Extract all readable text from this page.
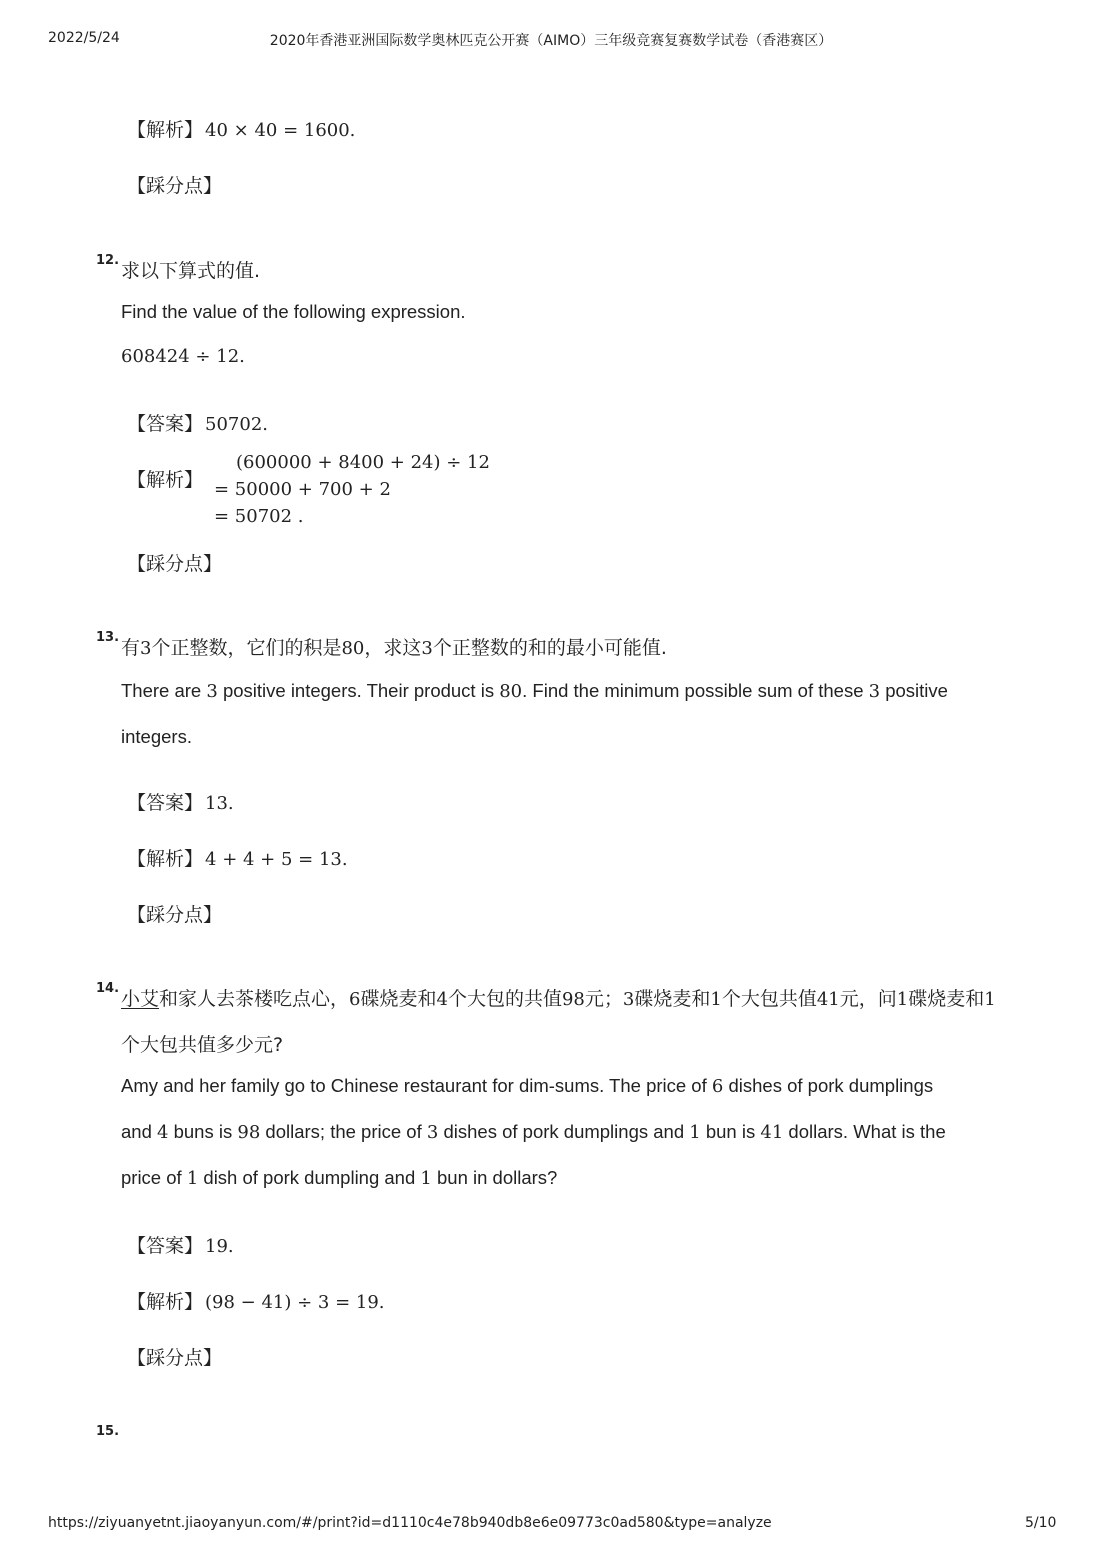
2022/5/24	2020年香港亚洲国际数学奥林匹克公开赛（AIMO）三年级竞赛复赛数学试卷（香港赛区）
【解析】 40 × 40 = 1600.
【踩分点】
12. 求以下算式的值.
Find the value of the following expression.
608424 ÷ 12.
【答案】 50702.
【解析】
(600000 + 8400 + 24) ÷ 12
= 50000 + 700 + 2
= 50702 .
【踩分点】
13. 有3个正整数，它们的积是80，求这3个正整数的和的最小可能值.
There are 3 positive integers. Their product is 80. Find the minimum possible sum of these 3 positive
integers.
【答案】 13.
【解析】 4 + 4 + 5 = 13.
【踩分点】
14. 小艾和家人去茶楼吃点心，6碟烧麦和4个大包的共值98元；3碟烧麦和1个大包共值41元，问1碟烧麦和1
个大包共值多少元?
Amy and her family go to Chinese restaurant for dim-sums. The price of 6 dishes of pork dumplings
and 4 buns is 98 dollars; the price of 3 dishes of pork dumplings and 1 bun is 41 dollars. What is the
price of 1 dish of pork dumpling and 1 bun in dollars?
【答案】 19.
【解析】 (98 − 41) ÷ 3 = 19.
【踩分点】
15.
https://ziyuanyetnt.jiaoyanyun.com/#/print?id=d1110c4e78b940db8e6e09773c0ad580&type=analyze	5/10
